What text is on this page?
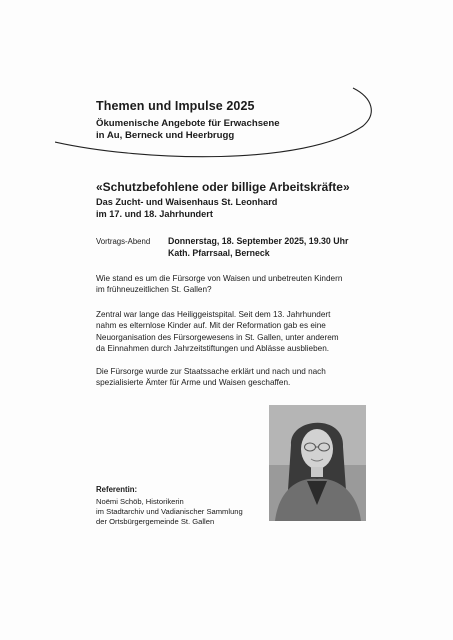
Themen und Impulse 2025
Ökumenische Angebote für Erwachsene
in Au, Berneck und Heerbrugg
«Schutzbefohlene oder billige Arbeitskräfte»
Das Zucht- und Waisenhaus St. Leonhard
im 17. und 18. Jahrhundert
Vortrags-Abend Donnerstag, 18. September 2025, 19.30 Uhr
Kath. Pfarrsaal, Berneck
Wie stand es um die Fürsorge von Waisen und unbetreuten Kindern
im frühneuzeitlichen St. Gallen?
Zentral war lange das Heiliggeistspital. Seit dem 13. Jahrhundert
nahm es elternlose Kinder auf. Mit der Reformation gab es eine
Neuorganisation des Fürsorgewesens in St. Gallen, unter anderem
da Einnahmen durch Jahrzeitstiftungen und Ablässe ausblieben.
Die Fürsorge wurde zur Staatssache erklärt und nach und nach
spezialisierte Ämter für Arme und Waisen geschaffen.
Referentin:
Noëmi Schöb, Historikerin
im Stadtarchiv und Vadianischer Sammlung
der Ortsbürgergemeinde St. Gallen
